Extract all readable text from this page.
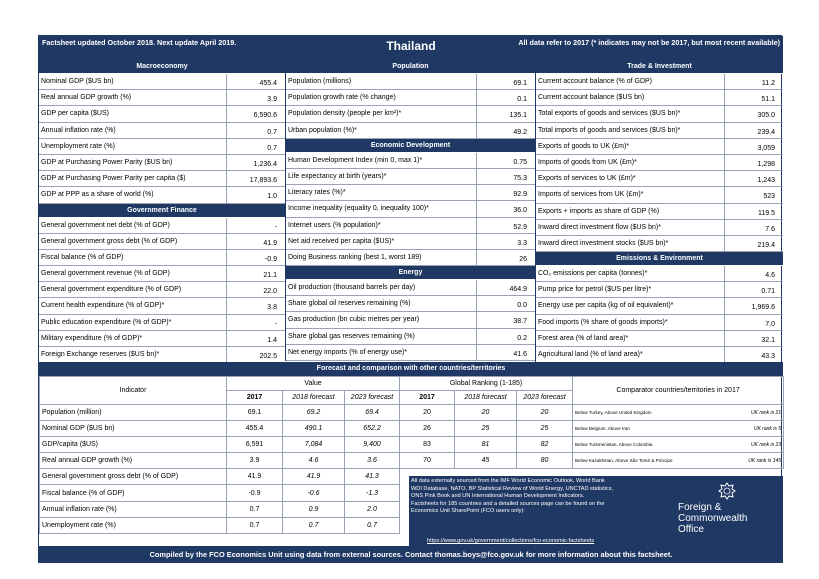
Factsheet updated October 2018. Next update April 2019.	Thailand	All data refer to 2017 (* indicates may not be 2017, but most recent available)
Macroeconomy
Nominal GDP ($US bn)	455.4
Real annual GDP growth (%)	3.9
GDP per capita ($US)	6,590.6
Annual inflation rate (%)	0.7
Unemployment rate (%)	0.7
GDP at Purchasing Power Parity ($US bn)	1,236.4
GDP at Purchasing Power Parity per capita ($)	17,893.6
GDP at PPP as a share of world (%)	1.0
Government Finance
General government net debt (% of GDP)	-
General government gross debt (% of GDP)	41.9
Fiscal balance (% of GDP)	-0.9
General government revenue (% of GDP)	21.1
General government expenditure (% of GDP)	22.0
Current health expenditure (% of GDP)*	3.8
Public education expenditure (% of GDP)*	-
Military expenditure (% of GDP)*	1.4
Foreign Exchange reserves ($US bn)*	202.5
Population
Population (millions)	69.1
Population growth rate (% change)	0.1
Population density (people per km²)*	135.1
Urban population (%)*	49.2
Economic Development
Human Development Index (min 0, max 1)*	0.75
Life expectancy at birth (years)*	75.3
Literacy rates (%)*	92.9
Income inequality (equality 0, inequality 100)*	36.0
Internet users (% population)*	52.9
Net aid received per capita ($US)*	3.3
Doing Business ranking (best 1, worst 189)	26
Energy
Oil production (thousand barrels per day)	464.9
Share global oil reserves remaining (%)	0.0
Gas production (bn cubic metres per year)	38.7
Share global gas reserves remaining (%)	0.2
Net energy imports (% of energy use)*	41.6
Trade & Investment
Current account balance (% of GDP)	11.2
Current account balance ($US bn)	51.1
Total exports of goods and services ($US bn)*	305.0
Total imports of goods and services ($US bn)*	239.4
Exports of goods to UK (£m)*	3,059
Imports of goods from UK (£m)*	1,298
Exports of services to UK (£m)*	1,243
Imports of services from UK (£m)*	523
Exports + imports as share of GDP (%)	119.5
Inward direct investment flow ($US bn)*	7.6
Inward direct investment stocks ($US bn)*	219.4
Emissions & Environment
CO₂ emissions per capita (tonnes)*	4.6
Pump price for petrol ($US per litre)*	0.71
Energy use per capita (kg of oil equivalent)*	1,969.6
Food imports (% share of goods imports)*	7.0
Forest area (% of land area)*	32.1
Agricultural land (% of land area)*	43.3
Forecast and comparison with other countries/territories
Indicator	Value			Global Ranking (1-185)			Comparator countries/territories in 2017
	2017	2018 forecast	2023 forecast	2017	2018 forecast	2023 forecast	
Population (million)	69.1	69.2	69.4	20	20	20	Below Turkey, Above United Kingdom UK rank is 21

Nominal GDP ($US bn)	455.4	490.1	652.2	26	25	25	Below Belgium, Above Iran UK rank is 5

GDP/capita ($US)	6,591	7,084	9,400	83	81	82	Below Turkmenistan, Above Colombia UK rank is 23

Real annual GDP growth (%)	3.9	4.6	3.6	70	45	80	Below Kazakhstan, Above São Tomé & Príncipe UK rank is 145

General government gross debt (% of GDP)	41.9	41.9	41.3				
Fiscal balance (% of GDP)	-0.9	-0.6	-1.3				
Annual inflation rate (%)	0.7	0.9	2.0				
Unemployment rate (%)	0.7	0.7	0.7				
All data externally sourced from the IMF World Economic Outlook, World Bank
WDI Database, NATO, BP Statistical Review of World Energy, UNCTAD statistics,
ONS Pink Book and UN International Human Development Indicators.
Factsheets for 185 countries and a detailed sources page can be found on the
Economics Unit SharePoint (FCO users only):
https://www.gov.uk/government/collections/fco-economic-factsheets
Foreign &
Commonwealth
Office
Compiled by the FCO Economics Unit using data from external sources. Contact thomas.boys@fco.gov.uk for more information about this factsheet.
